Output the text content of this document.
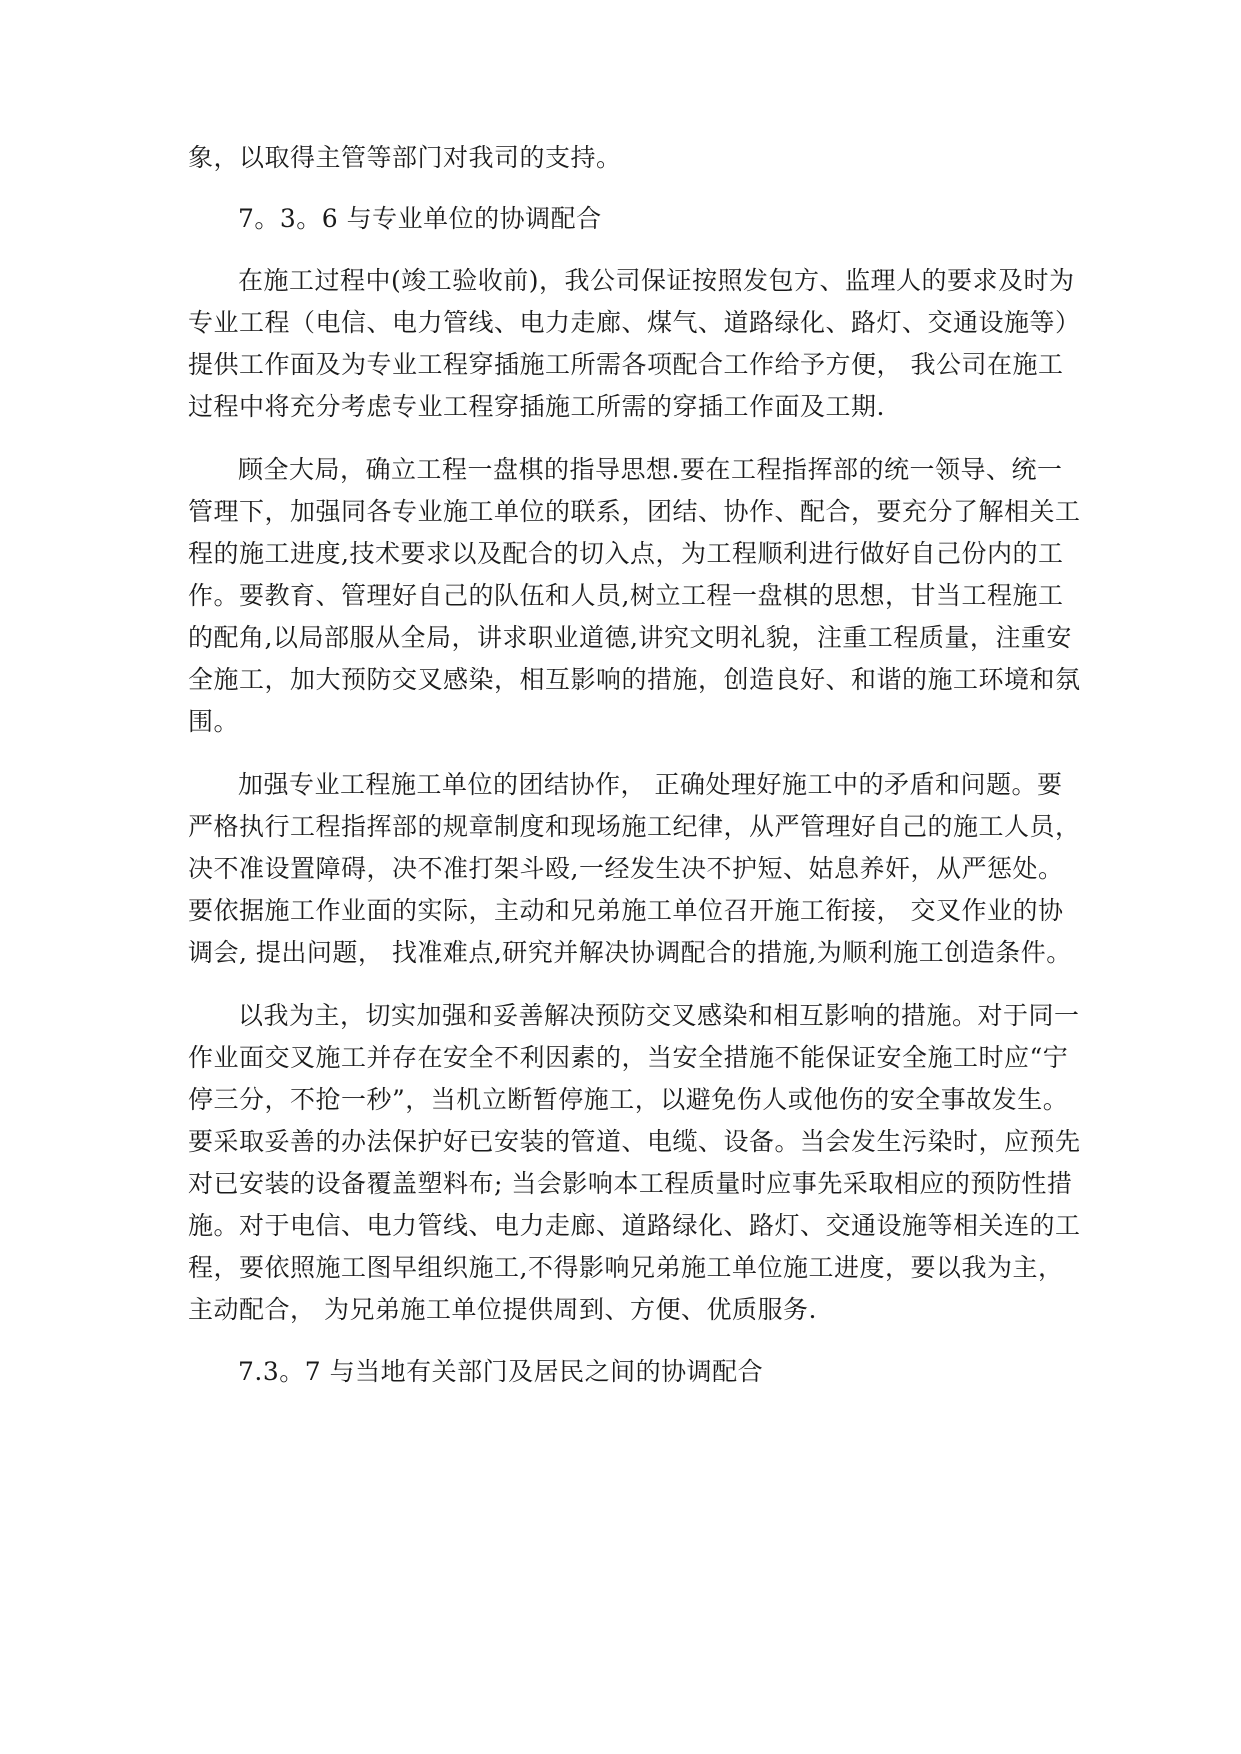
象，以取得主管等部门对我司的支持。
7。3。6 与专业单位的协调配合
在施工过程中(竣工验收前)，我公司保证按照发包方、监理人的要求及时为
专业工程（电信、电力管线、电力走廊、煤气、道路绿化、路灯、交通设施等）
提供工作面及为专业工程穿插施工所需各项配合工作给予方便， 我公司在施工
过程中将充分考虑专业工程穿插施工所需的穿插工作面及工期.
顾全大局，确立工程一盘棋的指导思想.要在工程指挥部的统一领导、统一
管理下，加强同各专业施工单位的联系，团结、协作、配合，要充分了解相关工
程的施工进度,技术要求以及配合的切入点，为工程顺利进行做好自己份内的工
作。要教育、管理好自己的队伍和人员,树立工程一盘棋的思想，甘当工程施工
的配角,以局部服从全局，讲求职业道德,讲究文明礼貌，注重工程质量，注重安
全施工，加大预防交叉感染，相互影响的措施，创造良好、和谐的施工环境和氛
围。
加强专业工程施工单位的团结协作， 正确处理好施工中的矛盾和问题。要
严格执行工程指挥部的规章制度和现场施工纪律，从严管理好自己的施工人员，
决不准设置障碍，决不准打架斗殴,一经发生决不护短、姑息养奸，从严惩处。
要依据施工作业面的实际，主动和兄弟施工单位召开施工衔接， 交叉作业的协
调会, 提出问题， 找准难点,研究并解决协调配合的措施,为顺利施工创造条件。
以我为主，切实加强和妥善解决预防交叉感染和相互影响的措施。对于同一
作业面交叉施工并存在安全不利因素的，当安全措施不能保证安全施工时应“宁
停三分，不抢一秒”，当机立断暂停施工，以避免伤人或他伤的安全事故发生。
要采取妥善的办法保护好已安装的管道、电缆、设备。当会发生污染时，应预先
对已安装的设备覆盖塑料布; 当会影响本工程质量时应事先采取相应的预防性措
施。对于电信、电力管线、电力走廊、道路绿化、路灯、交通设施等相关连的工
程，要依照施工图早组织施工,不得影响兄弟施工单位施工进度，要以我为主，
主动配合， 为兄弟施工单位提供周到、方便、优质服务.
7.3。7 与当地有关部门及居民之间的协调配合
